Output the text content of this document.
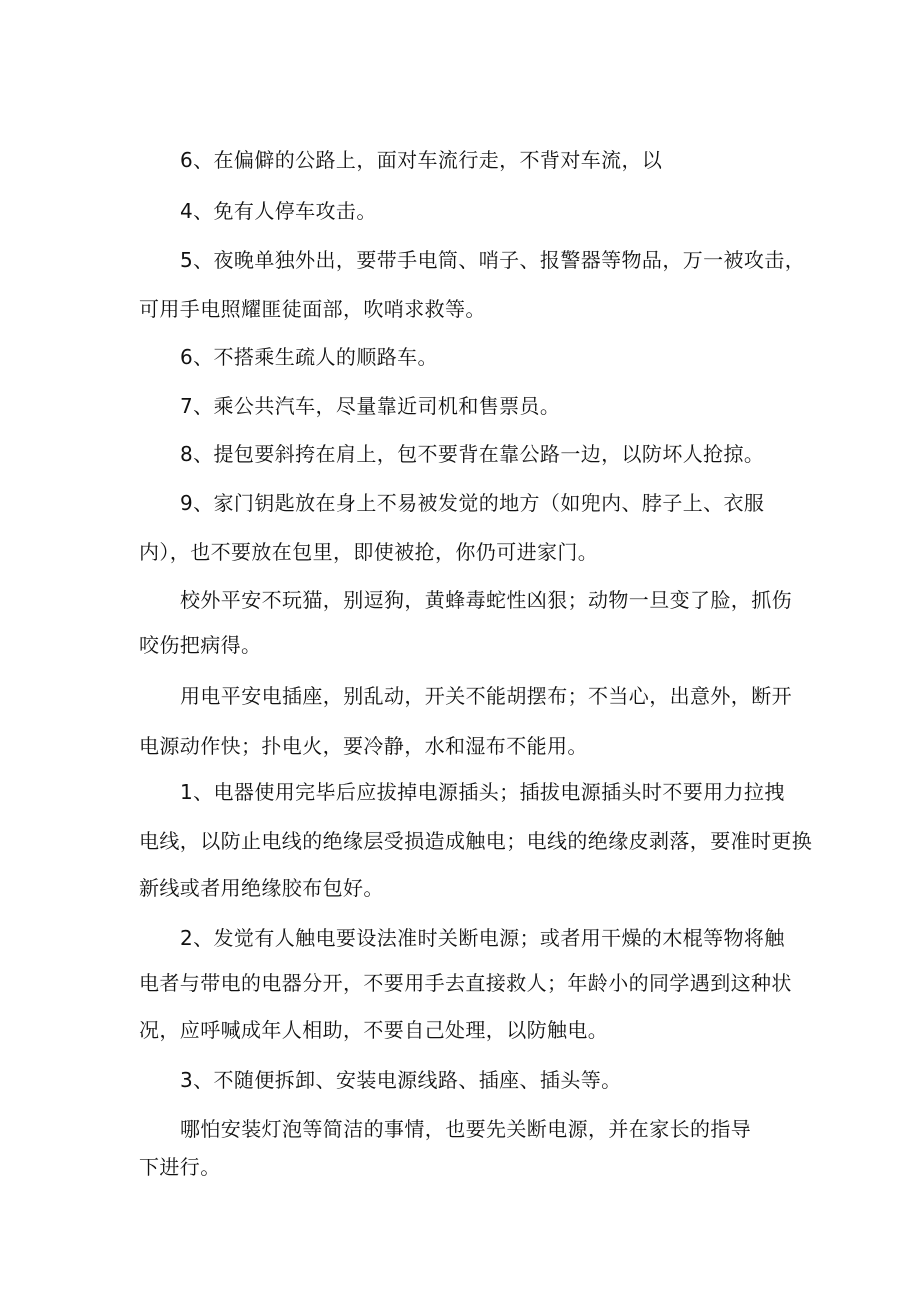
6、在偏僻的公路上，面对车流行走，不背对车流，以
4、免有人停车攻击。
5、夜晚单独外出，要带手电筒、哨子、报警器等物品，万一被攻击，
可用手电照耀匪徒面部，吹哨求救等。
6、不搭乘生疏人的顺路车。
7、乘公共汽车，尽量靠近司机和售票员。
8、提包要斜挎在肩上，包不要背在靠公路一边，以防坏人抢掠。
9、家门钥匙放在身上不易被发觉的地方（如兜内、脖子上、衣服
内），也不要放在包里，即使被抢，你仍可进家门。
校外平安不玩猫，别逗狗，黄蜂毒蛇性凶狠；动物一旦变了脸，抓伤
咬伤把病得。
用电平安电插座，别乱动，开关不能胡摆布；不当心，出意外，断开
电源动作快；扑电火，要冷静，水和湿布不能用。
1、电器使用完毕后应拔掉电源插头；插拔电源插头时不要用力拉拽
电线，以防止电线的绝缘层受损造成触电；电线的绝缘皮剥落，要准时更换
新线或者用绝缘胶布包好。
2、发觉有人触电要设法准时关断电源；或者用干燥的木棍等物将触
电者与带电的电器分开，不要用手去直接救人；年龄小的同学遇到这种状
况，应呼喊成年人相助，不要自己处理，以防触电。
3、不随便拆卸、安装电源线路、插座、插头等。
哪怕安装灯泡等简洁的事情，也要先关断电源，并在家长的指导
下进行。
